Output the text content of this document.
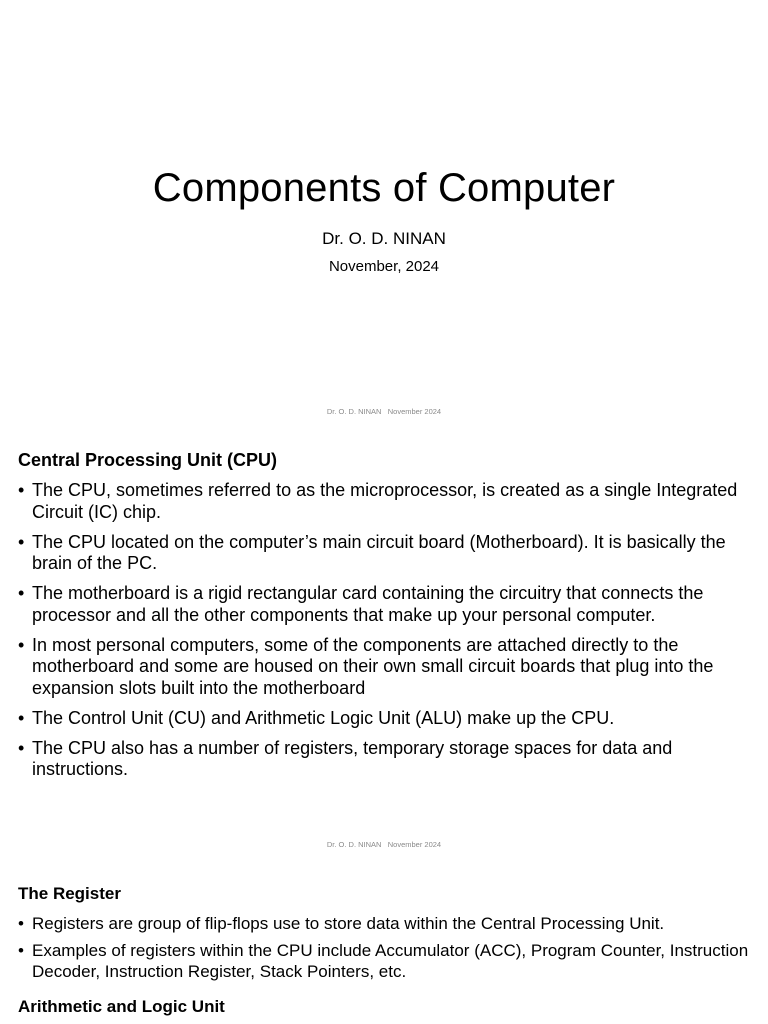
Components of Computer
Dr. O. D. NINAN
November, 2024
Dr. O. D. NINAN   November 2024
Central Processing Unit (CPU)
• The CPU, sometimes referred to as the microprocessor, is created as a single Integrated Circuit (IC) chip.
• The CPU located on the computer’s main circuit board (Motherboard). It is basically the brain of the PC.
• The motherboard is a rigid rectangular card containing the circuitry that connects the processor and all the other components that make up your personal computer.
• In most personal computers, some of the components are attached directly to the motherboard and some are housed on their own small circuit boards that plug into the expansion slots built into the motherboard
• The Control Unit (CU) and Arithmetic Logic Unit (ALU) make up the CPU.
• The CPU also has a number of registers, temporary storage spaces for data and instructions.
Dr. O. D. NINAN   November 2024
The Register
• Registers are group of flip-flops use to store data within the Central Processing Unit.
• Examples of registers within the CPU include Accumulator (ACC), Program Counter, Instruction Decoder, Instruction Register, Stack Pointers, etc.
Arithmetic and Logic Unit
